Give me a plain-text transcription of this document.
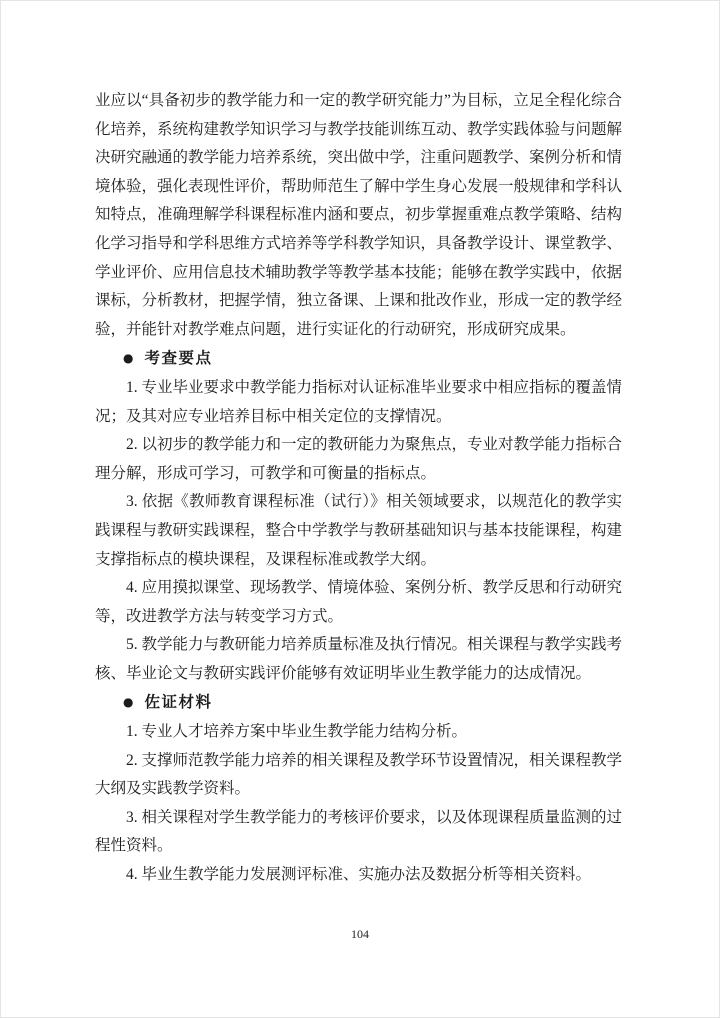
业应以“具备初步的教学能力和一定的教学研究能力”为目标，立足全程化综合化培养，系统构建教学知识学习与教学技能训练互动、教学实践体验与问题解决研究融通的教学能力培养系统，突出做中学，注重问题教学、案例分析和情境体验，强化表现性评价，帮助师范生了解中学生身心发展一般规律和学科认知特点，准确理解学科课程标准内涵和要点，初步掌握重难点教学策略、结构化学习指导和学科思维方式培养等学科教学知识，具备教学设计、课堂教学、学业评价、应用信息技术辅助教学等教学基本技能；能够在教学实践中，依据课标，分析教材，把握学情，独立备课、上课和批改作业，形成一定的教学经验，并能针对教学难点问题，进行实证化的行动研究，形成研究成果。

● 考查要点

1. 专业毕业要求中教学能力指标对认证标准毕业要求中相应指标的覆盖情况；及其对应专业培养目标中相关定位的支撑情况。

2. 以初步的教学能力和一定的教研能力为聚焦点，专业对教学能力指标合理分解，形成可学习，可教学和可衡量的指标点。

3. 依据《教师教育课程标准（试行）》相关领域要求，以规范化的教学实践课程与教研实践课程，整合中学教学与教研基础知识与基本技能课程，构建支撑指标点的模块课程，及课程标准或教学大纲。

4. 应用摸拟课堂、现场教学、情境体验、案例分析、教学反思和行动研究等，改进教学方法与转变学习方式。

5. 教学能力与教研能力培养质量标准及执行情况。相关课程与教学实践考核、毕业论文与教研实践评价能够有效证明毕业生教学能力的达成情况。

● 佐证材料

1. 专业人才培养方案中毕业生教学能力结构分析。

2. 支撑师范教学能力培养的相关课程及教学环节设置情况，相关课程教学大纲及实践教学资料。

3. 相关课程对学生教学能力的考核评价要求，以及体现课程质量监测的过程性资料。

4. 毕业生教学能力发展测评标准、实施办法及数据分析等相关资料。

104
